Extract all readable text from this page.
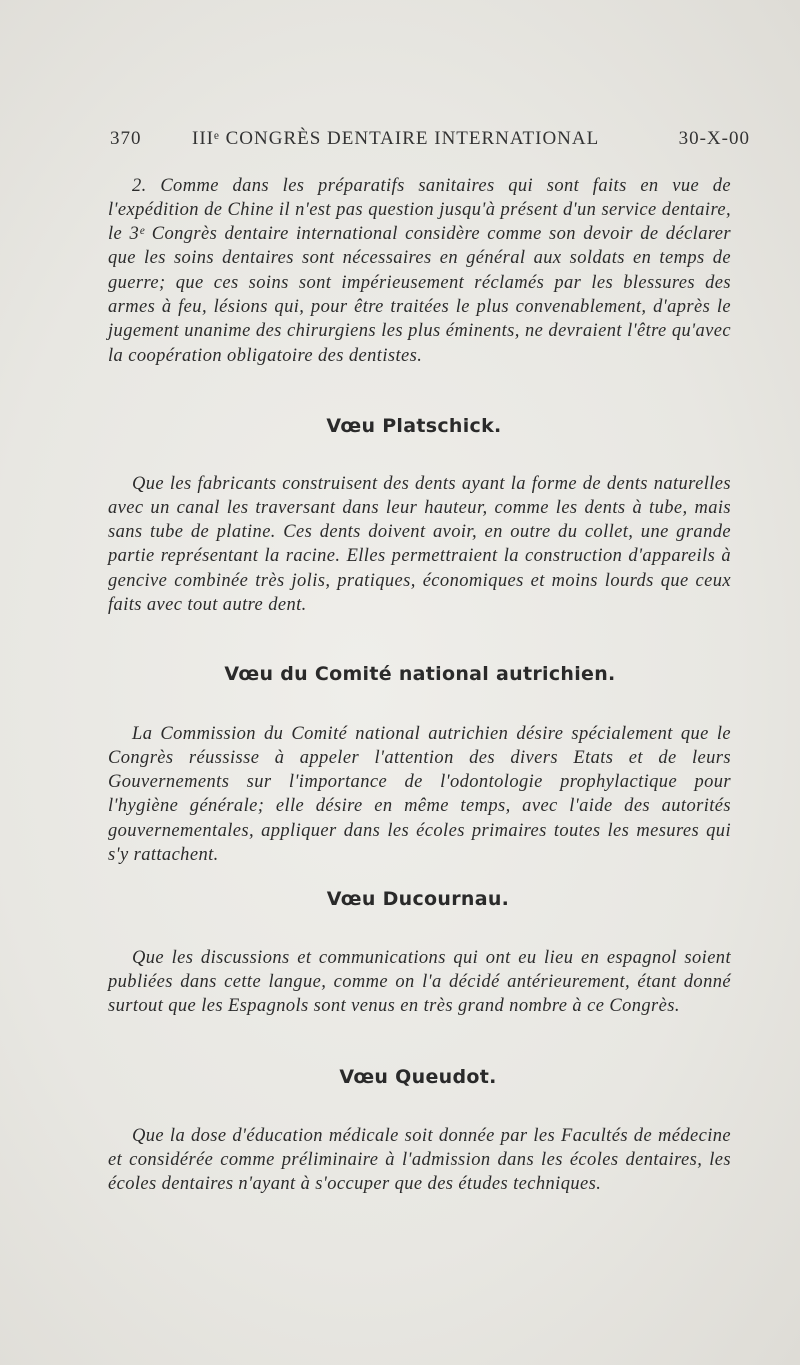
370	IIIᵉ CONGRÈS DENTAIRE INTERNATIONAL	30-X-00

2. Comme dans les préparatifs sanitaires qui sont faits en vue de l'expédition de Chine il n'est pas question jusqu'à présent d'un service dentaire, le 3ᵉ Congrès dentaire international considère comme son devoir de déclarer que les soins dentaires sont nécessaires en général aux soldats en temps de guerre; que ces soins sont impérieusement réclamés par les blessures des armes à feu, lésions qui, pour être traitées le plus convenablement, d'après le jugement unanime des chirurgiens les plus éminents, ne devraient l'être qu'avec la coopération obligatoire des dentistes.

Vœu Platschick.

Que les fabricants construisent des dents ayant la forme de dents naturelles avec un canal les traversant dans leur hauteur, comme les dents à tube, mais sans tube de platine. Ces dents doivent avoir, en outre du collet, une grande partie représentant la racine. Elles permettraient la construction d'appareils à gencive combinée très jolis, pratiques, économiques et moins lourds que ceux faits avec tout autre dent.

Vœu du Comité national autrichien.

La Commission du Comité national autrichien désire spécialement que le Congrès réussisse à appeler l'attention des divers Etats et de leurs Gouvernements sur l'importance de l'odontologie prophylactique pour l'hygiène générale; elle désire en même temps, avec l'aide des autorités gouvernementales, appliquer dans les écoles primaires toutes les mesures qui s'y rattachent.

Vœu Ducournau.

Que les discussions et communications qui ont eu lieu en espagnol soient publiées dans cette langue, comme on l'a décidé antérieurement, étant donné surtout que les Espagnols sont venus en très grand nombre à ce Congrès.

Vœu Queudot.

Que la dose d'éducation médicale soit donnée par les Facultés de médecine et considérée comme préliminaire à l'admission dans les écoles dentaires, les écoles dentaires n'ayant à s'occuper que des études techniques.
